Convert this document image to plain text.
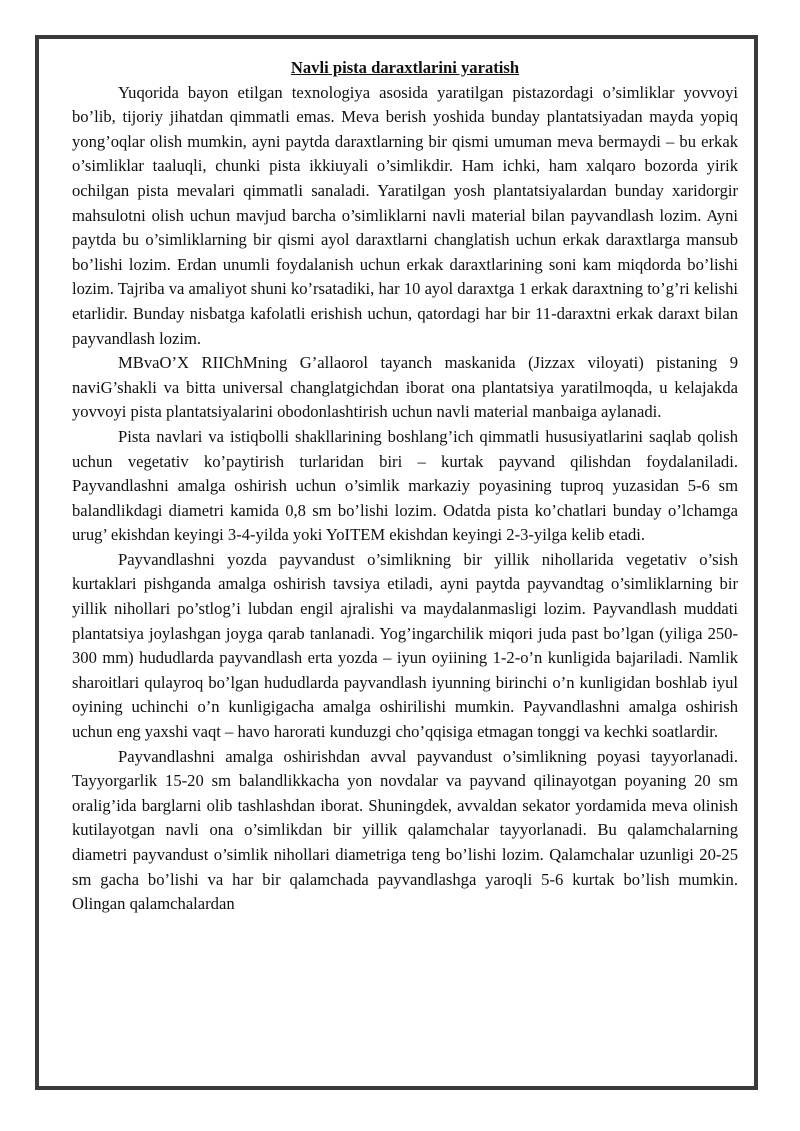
Navli pista daraxtlarini yaratish

Yuqorida bayon etilgan texnologiya asosida yaratilgan pistazordagi o’simliklar yovvoyi bo’lib, tijoriy jihatdan qimmatli emas. Meva berish yoshida bunday plantatsiyadan mayda yopiq yong’oqlar olish mumkin, ayni paytda daraxtlarning bir qismi umuman meva bermaydi – bu erkak o’simliklar taaluqli, chunki pista ikkiuyali o’simlikdir. Ham ichki, ham xalqaro bozorda yirik ochilgan pista mevalari qimmatli sanaladi. Yaratilgan yosh plantatsiyalardan bunday xaridorgir mahsulotni olish uchun mavjud barcha o’simliklarni navli material bilan payvandlash lozim. Ayni paytda bu o’simliklarning bir qismi ayol daraxtlarni changlatish uchun erkak daraxtlarga mansub bo’lishi lozim. Erdan unumli foydalanish uchun erkak daraxtlarining soni kam miqdorda bo’lishi lozim. Tajriba va amaliyot shuni ko’rsatadiki, har 10 ayol daraxtga 1 erkak daraxtning to’g’ri kelishi etarlidir. Bunday nisbatga kafolatli erishish uchun, qatordagi har bir 11-daraxtni erkak daraxt bilan payvandlash lozim.

MBvaO’X RIIChMning G’allaorol tayanch maskanida (Jizzax viloyati) pistaning 9 naviG’shakli va bitta universal changlatgichdan iborat ona plantatsiya yaratilmoqda, u kelajakda yovvoyi pista plantatsiyalarini obodonlashtirish uchun navli material manbaiga aylanadi.

Pista navlari va istiqbolli shakllarining boshlang’ich qimmatli hususiyatlarini saqlab qolish uchun vegetativ ko’paytirish turlaridan biri – kurtak payvand qilishdan foydalaniladi. Payvandlashni amalga oshirish uchun o’simlik markaziy poyasining tuproq yuzasidan 5-6 sm balandlikdagi diametri kamida 0,8 sm bo’lishi lozim. Odatda pista ko’chatlari bunday o’lchamga urug’ ekishdan keyingi 3-4-yilda yoki YoITEM ekishdan keyingi 2-3-yilga kelib etadi.

Payvandlashni yozda payvandust o’simlikning bir yillik nihollarida vegetativ o’sish kurtaklari pishganda amalga oshirish tavsiya etiladi, ayni paytda payvandtag o’simliklarning bir yillik nihollari po’stlog’i lubdan engil ajralishi va maydalanmasligi lozim. Payvandlash muddati plantatsiya joylashgan joyga qarab tanlanadi. Yog’ingarchilik miqori juda past bo’lgan (yiliga 250-300 mm) hududlarda payvandlash erta yozda – iyun oyiining 1-2-o’n kunligida bajariladi. Namlik sharoitlari qulayroq bo’lgan hududlarda payvandlash iyunning birinchi o’n kunligidan boshlab iyul oyining uchinchi o’n kunligigacha amalga oshirilishi mumkin. Payvandlashni amalga oshirish uchun eng yaxshi vaqt – havo harorati kunduzgi cho’qqisiga etmagan tonggi va kechki soatlardir.

Payvandlashni amalga oshirishdan avval payvandust o’simlikning poyasi tayyorlanadi. Tayyorgarlik 15-20 sm balandlikkacha yon novdalar va payvand qilinayotgan poyaning 20 sm oralig’ida barglarni olib tashlashdan iborat. Shuningdek, avvaldan sekator yordamida meva olinish kutilayotgan navli ona o’simlikdan bir yillik qalamchalar tayyorlanadi. Bu qalamchalarning diametri payvandust o’simlik nihollari diametriga teng bo’lishi lozim. Qalamchalar uzunligi 20-25 sm gacha bo’lishi va har bir qalamchada payvandlashga yaroqli 5-6 kurtak bo’lish mumkin. Olingan qalamchalardan
